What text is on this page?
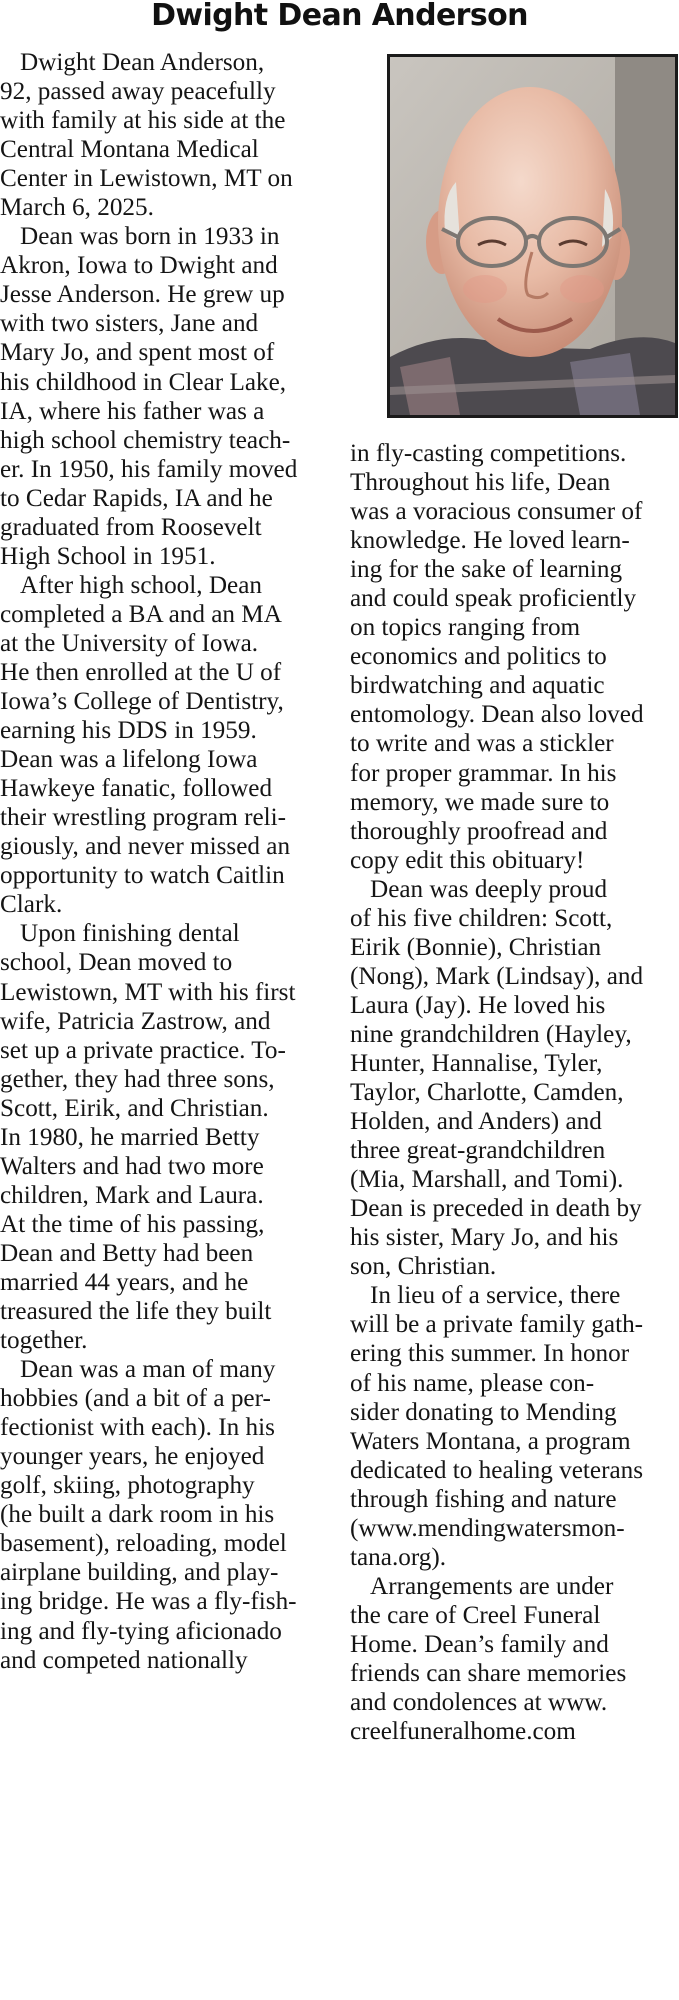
Dwight Dean Anderson
Dwight Dean Anderson,
92, passed away peacefully
with family at his side at the
Central Montana Medical
Center in Lewistown, MT on
March 6, 2025.
Dean was born in 1933 in
Akron, Iowa to Dwight and
Jesse Anderson. He grew up
with two sisters, Jane and
Mary Jo, and spent most of
his childhood in Clear Lake,
IA, where his father was a
high school chemistry teach-
er. In 1950, his family moved
to Cedar Rapids, IA and he
graduated from Roosevelt
High School in 1951.
After high school, Dean
completed a BA and an MA
at the University of Iowa.
He then enrolled at the U of
Iowa’s College of Dentistry,
earning his DDS in 1959.
Dean was a lifelong Iowa
Hawkeye fanatic, followed
their wrestling program reli-
giously, and never missed an
opportunity to watch Caitlin
Clark.
Upon finishing dental
school, Dean moved to
Lewistown, MT with his first
wife, Patricia Zastrow, and
set up a private practice. To-
gether, they had three sons,
Scott, Eirik, and Christian.
In 1980, he married Betty
Walters and had two more
children, Mark and Laura.
At the time of his passing,
Dean and Betty had been
married 44 years, and he
treasured the life they built
together.
Dean was a man of many
hobbies (and a bit of a per-
fectionist with each). In his
younger years, he enjoyed
golf, skiing, photography
(he built a dark room in his
basement), reloading, model
airplane building, and play-
ing bridge. He was a fly-fish-
ing and fly-tying aficionado
and competed nationally
in fly-casting competitions.
Throughout his life, Dean
was a voracious consumer of
knowledge. He loved learn-
ing for the sake of learning
and could speak proficiently
on topics ranging from
economics and politics to
birdwatching and aquatic
entomology. Dean also loved
to write and was a stickler
for proper grammar. In his
memory, we made sure to
thoroughly proofread and
copy edit this obituary!
Dean was deeply proud
of his five children: Scott,
Eirik (Bonnie), Christian
(Nong), Mark (Lindsay), and
Laura (Jay). He loved his
nine grandchildren (Hayley,
Hunter, Hannalise, Tyler,
Taylor, Charlotte, Camden,
Holden, and Anders) and
three great-grandchildren
(Mia, Marshall, and Tomi).
Dean is preceded in death by
his sister, Mary Jo, and his
son, Christian.
In lieu of a service, there
will be a private family gath-
ering this summer. In honor
of his name, please con-
sider donating to Mending
Waters Montana, a program
dedicated to healing veterans
through fishing and nature
(www.mendingwatersmon-
tana.org).
Arrangements are under
the care of Creel Funeral
Home. Dean’s family and
friends can share memories
and condolences at www.
creelfuneralhome.com
